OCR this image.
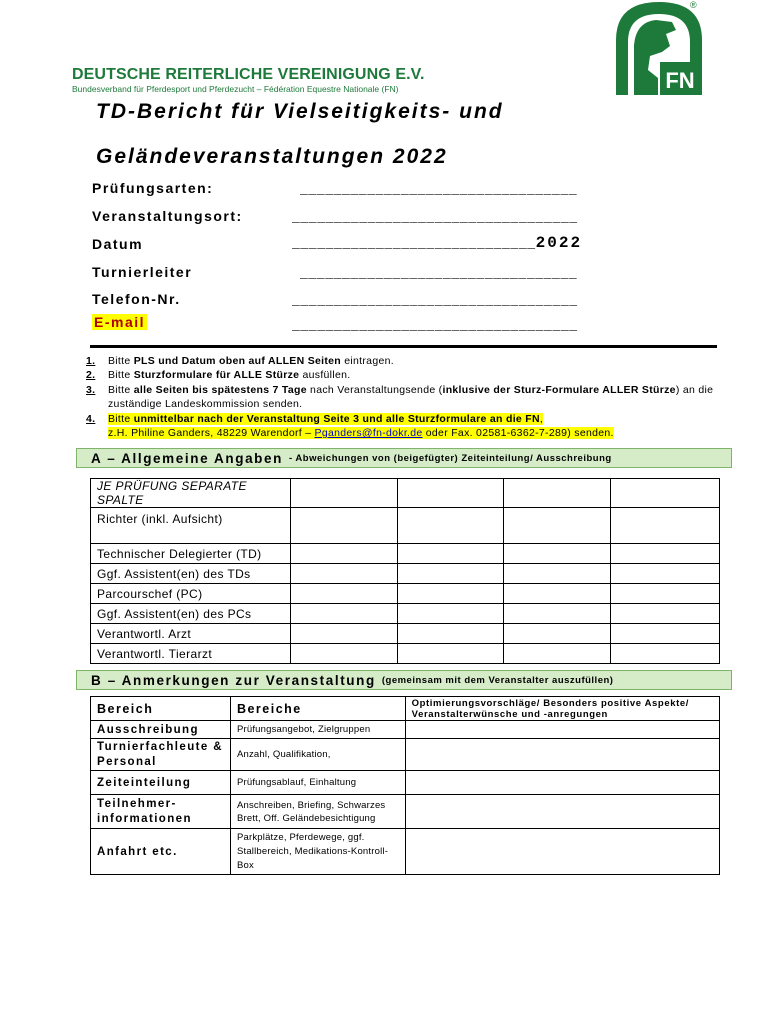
DEUTSCHE REITERLICHE VEREINIGUNG E.V.
Bundesverband für Pferdesport und Pferdezucht – Fédération Equestre Nationale (FN)	FN
®
TD-Bericht für Vielseitigkeits- und
Geländeveranstaltungen 2022
Prüfungsarten:	_________________________________
Veranstaltungsort:	__________________________________
Datum	_____________________________2022
Turnierleiter	_________________________________
Telefon-Nr.	__________________________________
E-mail	__________________________________
1.	Bitte PLS und Datum oben auf ALLEN Seiten eintragen.
2.	Bitte Sturzformulare für ALLE Stürze ausfüllen.
3.	Bitte alle Seiten bis spätestens 7 Tage nach Veranstaltungsende (inklusive der Sturz-Formulare ALLER Stürze) an die zuständige Landeskommission senden.
4.	Bitte unmittelbar nach der Veranstaltung Seite 3 und alle Sturzformulare an die FN,
z.H. Philine Ganders, 48229 Warendorf – Pganders@fn-dokr.de oder Fax. 02581-6362-7-289) senden.
A – Allgemeine Angaben - Abweichungen von (beigefügter) Zeiteinteilung/ Ausschreibung
JE PRÜFUNG SEPARATE SPALTE				
Richter (inkl. Aufsicht)				
Technischer Delegierter (TD)				
Ggf. Assistent(en) des TDs				
Parcourschef (PC)				
Ggf. Assistent(en) des PCs				
Verantwortl. Arzt				
Verantwortl. Tierarzt				
B – Anmerkungen zur Veranstaltung (gemeinsam mit dem Veranstalter auszufüllen)
Bereich	Bereiche	Optimierungsvorschläge/ Besonders positive Aspekte/ Veranstalterwünsche und -anregungen
Ausschreibung	Prüfungsangebot, Zielgruppen	
Turnierfachleute & Personal	Anzahl, Qualifikation,	
Zeiteinteilung	Prüfungsablauf, Einhaltung	
Teilnehmer-informationen	Anschreiben, Briefing, Schwarzes Brett, Off. Geländebesichtigung	
Anfahrt etc.	Parkplätze, Pferdewege, ggf. Stallbereich, Medikations-Kontroll-Box	
